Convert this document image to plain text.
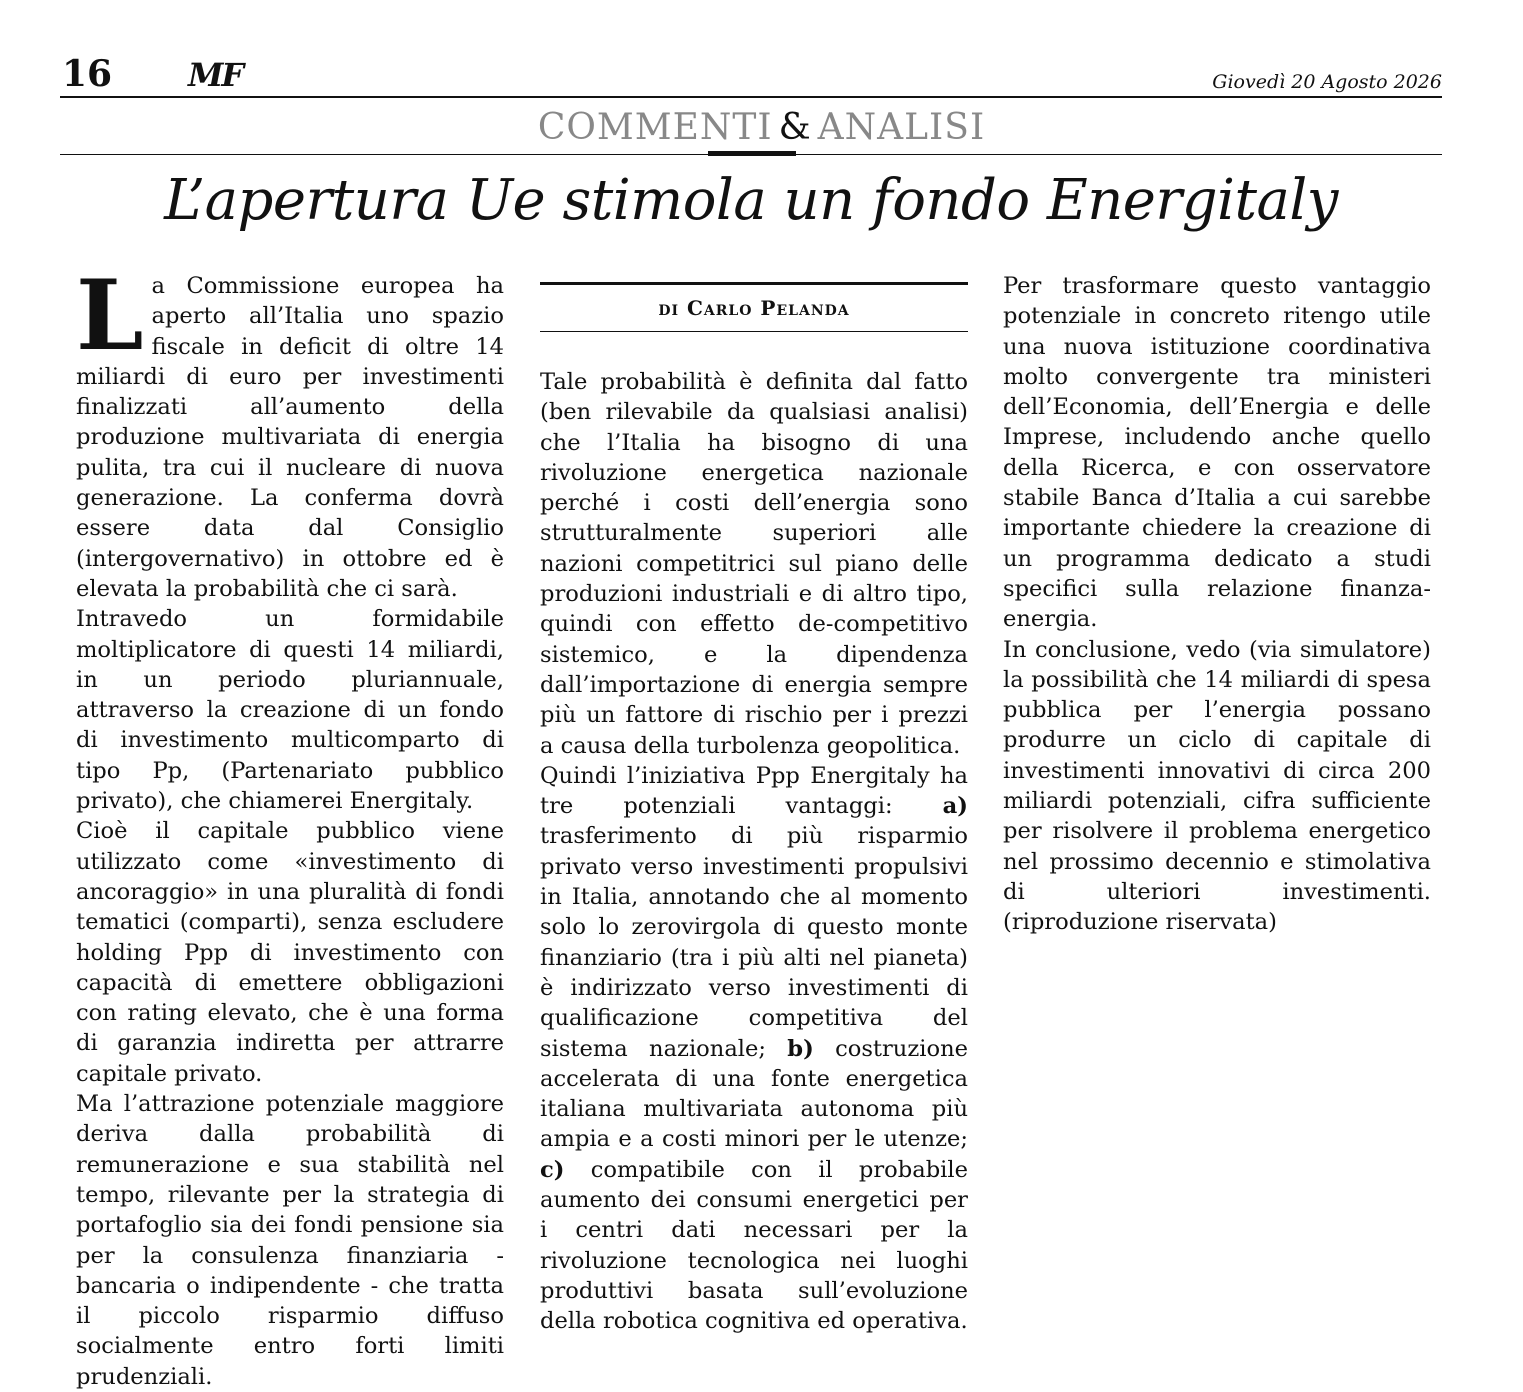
16 MF	Giovedì 20 Agosto 2026
COMMENTI & ANALISI
L’apertura Ue stimola un fondo Energitaly

La Commissione europea ha aperto all’Italia uno spazio fiscale in deficit di oltre 14 miliardi di euro per investimenti finalizzati all’aumento della produzione multivariata di energia pulita, tra cui il nucleare di nuova generazione. La conferma dovrà essere data dal Consiglio (intergovernativo) in ottobre ed è elevata la probabilità che ci sarà.

Intravedo un formidabile moltiplicatore di questi 14 miliardi, in un periodo pluriannuale, attraverso la creazione di un fondo di investimento multicomparto di tipo Pp, (Partenariato pubblico privato), che chiamerei Energitaly.

Cioè il capitale pubblico viene utilizzato come «investimento di ancoraggio» in una pluralità di fondi tematici (comparti), senza escludere holding Ppp di investimento con capacità di emettere obbligazioni con rating elevato, che è una forma di garanzia indiretta per attrarre capitale privato.

Ma l’attrazione potenziale maggiore deriva dalla probabilità di remunerazione e sua stabilità nel tempo, rilevante per la strategia di portafoglio sia dei fondi pensione sia per la consulenza finanziaria - bancaria o indipendente - che tratta il piccolo risparmio diffuso socialmente entro forti limiti prudenziali.

di Carlo Pelanda

Tale probabilità è definita dal fatto (ben rilevabile da qualsiasi analisi) che l’Italia ha bisogno di una rivoluzione energetica nazionale perché i costi dell’energia sono strutturalmente superiori alle nazioni competitrici sul piano delle produzioni industriali e di altro tipo, quindi con effetto de-competitivo sistemico, e la dipendenza dall’importazione di energia sempre più un fattore di rischio per i prezzi a causa della turbolenza geopolitica.

Quindi l’iniziativa Ppp Energitaly ha tre potenziali vantaggi: a) trasferimento di più risparmio privato verso investimenti propulsivi in Italia, annotando che al momento solo lo zerovirgola di questo monte finanziario (tra i più alti nel pianeta) è indirizzato verso investimenti di qualificazione competitiva del sistema nazionale; b) costruzione accelerata di una fonte energetica italiana multivariata autonoma più ampia e a costi minori per le utenze; c) compatibile con il probabile aumento dei consumi energetici per i centri dati necessari per la rivoluzione tecnologica nei luoghi produttivi basata sull’evoluzione della robotica cognitiva ed operativa.

Per trasformare questo vantaggio potenziale in concreto ritengo utile una nuova istituzione coordinativa molto convergente tra ministeri dell’Economia, dell’Energia e delle Imprese, includendo anche quello della Ricerca, e con osservatore stabile Banca d’Italia a cui sarebbe importante chiedere la creazione di un programma dedicato a studi specifici sulla relazione finanza-energia.

In conclusione, vedo (via simulatore) la possibilità che 14 miliardi di spesa pubblica per l’energia possano produrre un ciclo di capitale di investimenti innovativi di circa 200 miliardi potenziali, cifra sufficiente per risolvere il problema energetico nel prossimo decennio e stimolativa di ulteriori investimenti. (riproduzione riservata)
